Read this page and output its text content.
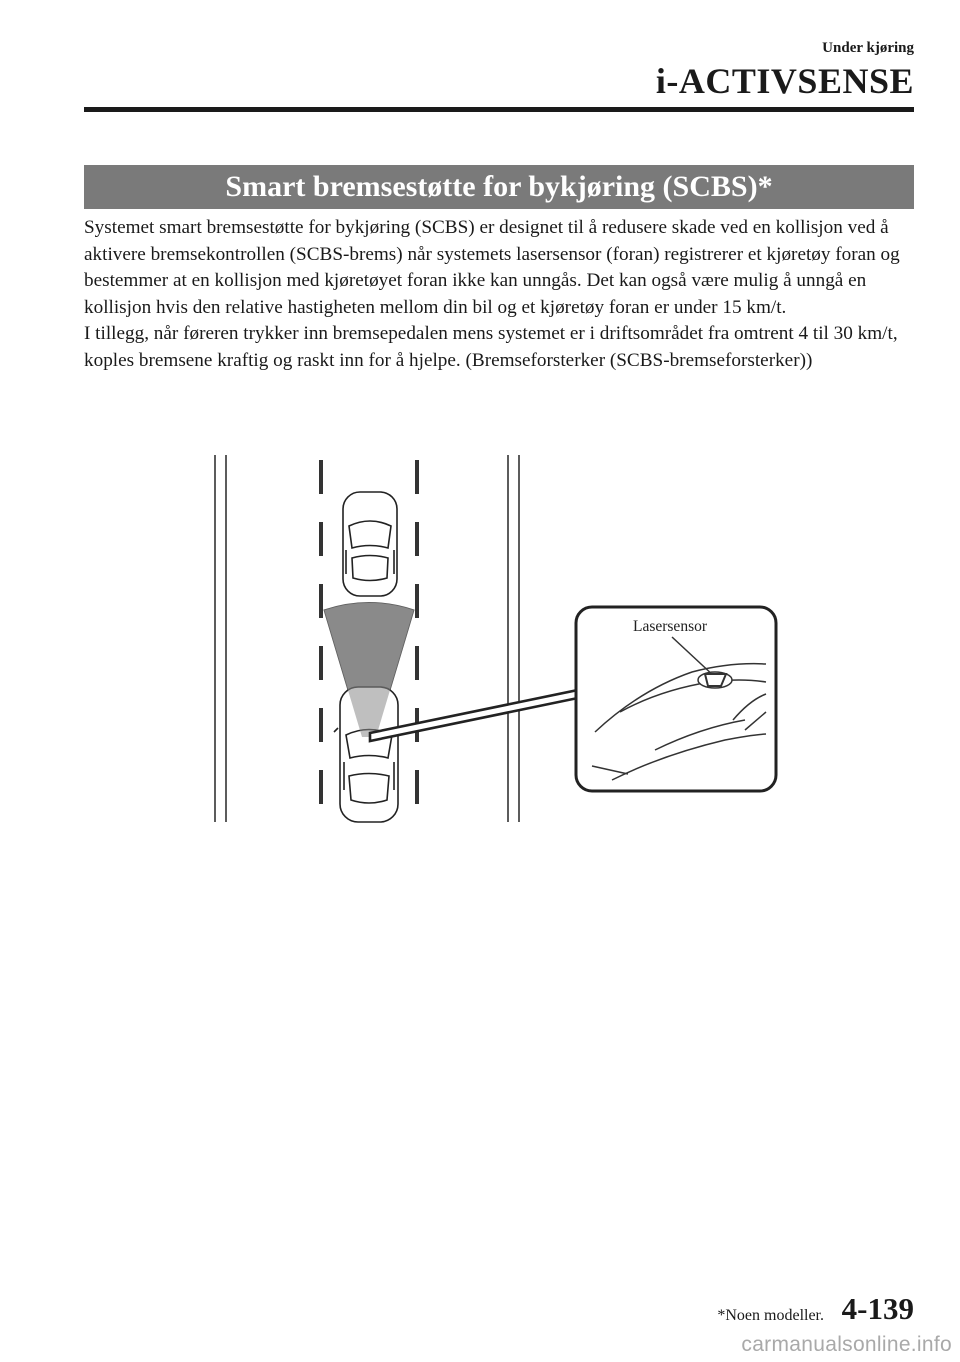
Under kjøring
i-ACTIVSENSE
Smart bremsestøtte for bykjøring (SCBS)*

Systemet smart bremsestøtte for bykjøring (SCBS) er designet til å redusere skade ved en kollisjon ved å aktivere bremsekontrollen (SCBS-brems) når systemets lasersensor (foran) registrerer et kjøretøy foran og bestemmer at en kollisjon med kjøretøyet foran ikke kan unngås. Det kan også være mulig å unngå en kollisjon hvis den relative hastigheten mellom din bil og et kjøretøy foran er under 15 km/t.

I tillegg, når føreren trykker inn bremsepedalen mens systemet er i driftsområdet fra omtrent 4 til 30 km/t, koples bremsene kraftig og raskt inn for å hjelpe. (Bremseforsterker (SCBS-bremseforsterker))

Lasersensor
*Noen modeller. 4-139
carmanualsonline.info
